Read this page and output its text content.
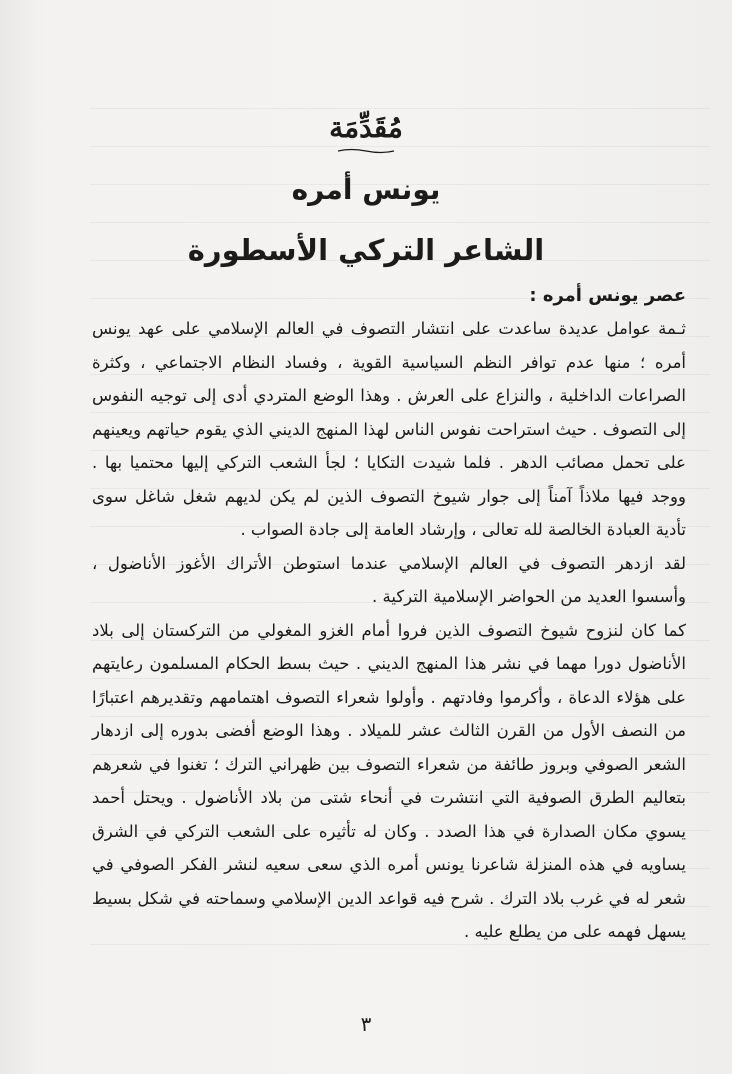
مُقَدِّمَة
يونس أمره
الشاعر التركي الأسطورة
عصر يونس أمره :

ثـمة عوامل عديدة ساعدت على انتشار التصوف في العالم الإسلامي على عهد يونس أمره ؛ منها عدم توافر النظم السياسية القوية ، وفساد النظام الاجتماعي ، وكثرة الصراعات الداخلية ، والنزاع على العرش . وهذا الوضع المتردي أدى إلى توجيه النفوس إلى التصوف . حيث استراحت نفوس الناس لهذا المنهج الديني الذي يقوم حياتهم ويعينهم على تحمل مصائب الدهر . فلما شيدت التكايا ؛ لجأ الشعب التركي إليها محتميا بها . ووجد فيها ملاذاً آمناً إلى جوار شيوخ التصوف الذين لم يكن لديهم شغل شاغل سوى تأدية العبادة الخالصة لله تعالى ، وإرشاد العامة إلى جادة الصواب .

لقد ازدهر التصوف في العالم الإسلامي عندما استوطن الأتراك الأغوز الأناضول ، وأسسوا العديد من الحواضر الإسلامية التركية .

كما كان لنزوح شيوخ التصوف الذين فروا أمام الغزو المغولي من التركستان إلى بلاد الأناضول دورا مهما في نشر هذا المنهج الديني . حيث بسط الحكام المسلمون رعايتهم على هؤلاء الدعاة ، وأكرموا وفادتهم . وأولوا شعراء التصوف اهتمامهم وتقديرهم اعتبارًا من النصف الأول من القرن الثالث عشر للميلاد . وهذا الوضع أفضى بدوره إلى ازدهار الشعر الصوفي وبروز طائفة من شعراء التصوف بين ظهراني الترك ؛ تغنوا في شعرهم بتعاليم الطرق الصوفية التي انتشرت في أنحاء شتى من بلاد الأناضول . ويحتل أحمد يسوي مكان الصدارة في هذا الصدد . وكان له تأثيره على الشعب التركي في الشرق يساويه في هذه المنزلة شاعرنا يونس أمره الذي سعى سعيه لنشر الفكر الصوفي في شعر له في غرب بلاد الترك . شرح فيه قواعد الدين الإسلامي وسماحته في شكل بسيط يسهل فهمه على من يطلع عليه .

٣
